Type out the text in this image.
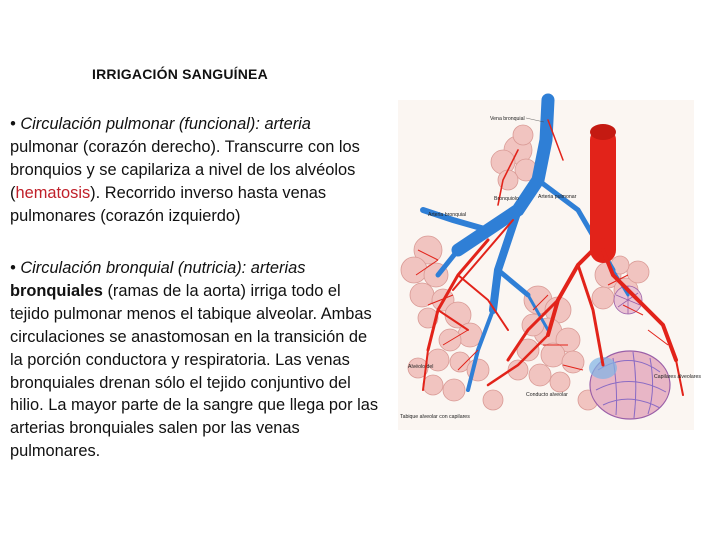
IRRIGACIÓN SANGUÍNEA
• Circulación pulmonar (funcional): arteria pulmonar (corazón derecho). Transcurre con los bronquios y se capilariza a nivel de los alvéolos (hematosis). Recorrido inverso hasta venas pulmonares (corazón izquierdo)
• Circulación bronquial (nutricia): arterias bronquiales (ramas de la aorta) irriga todo el tejido pulmonar menos el tabique alveolar. Ambas circulaciones se anastomosan en la transición de la porción conductora y respiratoria. Las venas bronquiales drenan sólo el tejido conjuntivo del hilio. La mayor parte de la sangre que llega por las arterias bronquiales salen por las venas pulmonares.
Vena bronquial
Arteria bronquial
Bronquiolo	Arteria pulmonar
Alvéolo del
Capilares alveolares
Conducto alveolar
Tabique alveolar con capilares
